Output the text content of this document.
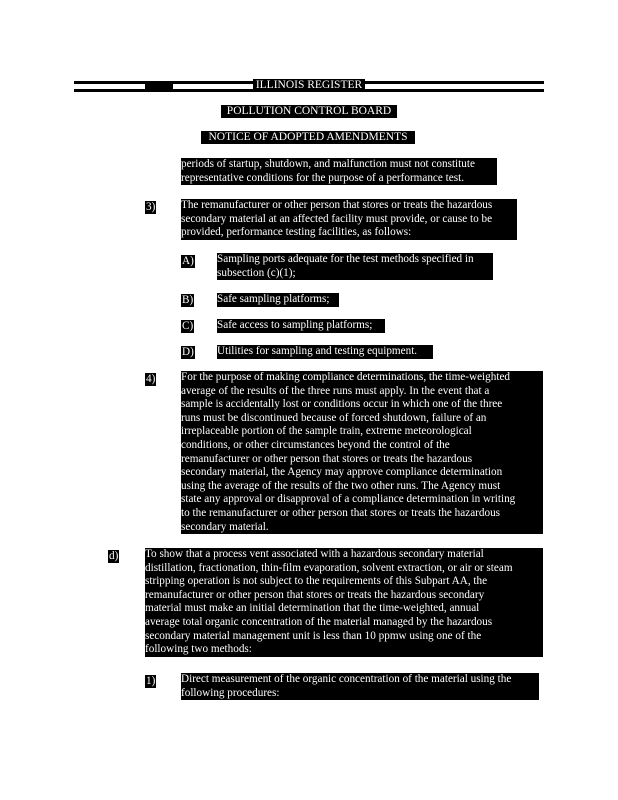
ILLINOIS REGISTER
POLLUTION CONTROL BOARD
NOTICE OF ADOPTED AMENDMENTS
periods of startup, shutdown, and malfunction must not constitute
representative conditions for the purpose of a performance test.
3) The remanufacturer or other person that stores or treats the hazardous
secondary material at an affected facility must provide, or cause to be
provided, performance testing facilities, as follows:
A) Sampling ports adequate for the test methods specified in
subsection (c)(1);
B) Safe sampling platforms;
C) Safe access to sampling platforms;
D) Utilities for sampling and testing equipment.
4) For the purpose of making compliance determinations, the time-weighted
average of the results of the three runs must apply. In the event that a
sample is accidentally lost or conditions occur in which one of the three
runs must be discontinued because of forced shutdown, failure of an
irreplaceable portion of the sample train, extreme meteorological
conditions, or other circumstances beyond the control of the
remanufacturer or other person that stores or treats the hazardous
secondary material, the Agency may approve compliance determination
using the average of the results of the two other runs. The Agency must
state any approval or disapproval of a compliance determination in writing
to the remanufacturer or other person that stores or treats the hazardous
secondary material.
d) To show that a process vent associated with a hazardous secondary material
distillation, fractionation, thin-film evaporation, solvent extraction, or air or steam
stripping operation is not subject to the requirements of this Subpart AA, the
remanufacturer or other person that stores or treats the hazardous secondary
material must make an initial determination that the time-weighted, annual
average total organic concentration of the material managed by the hazardous
secondary material management unit is less than 10 ppmw using one of the
following two methods:
1) Direct measurement of the organic concentration of the material using the
following procedures:
